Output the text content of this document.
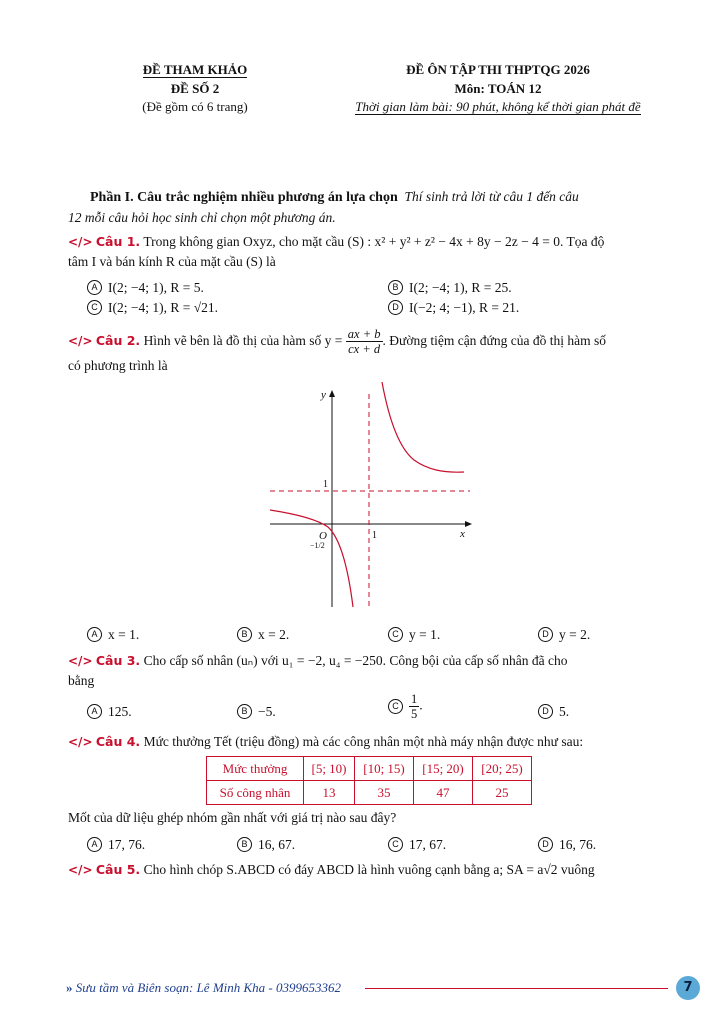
ĐỀ THAM KHẢO
ĐỀ SỐ 2
(Đề gồm có 6 trang)
ĐỀ ÔN TẬP THI THPTQG 2026
Môn: TOÁN 12
Thời gian làm bài: 90 phút, không kể thời gian phát đề

Phần I. Câu trắc nghiệm nhiều phương án lựa chọn Thí sinh trả lời từ câu 1 đến câu

12 mỗi câu hỏi học sinh chỉ chọn một phương án.

</> Câu 1. Trong không gian Oxyz, cho mặt cầu (S) : x² + y² + z² − 4x + 8y − 2z − 4 = 0. Tọa độ

tâm I và bán kính R của mặt cầu (S) là

A I(2; −4; 1), R = 5.	B I(2; −4; 1), R = 25.
C I(2; −4; 1), R = √21.	D I(−2; 4; −1), R = 21.

</> Câu 2. Hình vẽ bên là đồ thị của hàm số $y = \frac{ax + b}{cx + d}$ . Đường tiệm cận đứng của đồ thị hàm số

có phương trình là

y
x
1
1
O
−1/2
A x = 1.	B x = 2.	C y = 1.	D y = 2.

</> Câu 3. Cho cấp số nhân (uₙ) với u₁ = −2, u₄ = −250. Công bội của cấp số nhân đã cho

bằng

A 125.	B −5.	C $\frac{1}{5}$ .	D 5.

</> Câu 4. Mức thưởng Tết (triệu đồng) mà các công nhân một nhà máy nhận được như sau:

Mức thưởng	[5; 10)	[10; 15)	[15; 20)	[20; 25)
Số công nhân	13	35	47	25
Mốt của dữ liệu ghép nhóm gần nhất với giá trị nào sau đây?
A 17, 76.	B 16, 67.	C 17, 67.	D 16, 76.

</> Câu 5. Cho hình chóp S.ABCD có đáy ABCD là hình vuông cạnh bằng a; SA = a√2 vuông

» Sưu tầm và Biên soạn: Lê Minh Kha - 0399653362	7
